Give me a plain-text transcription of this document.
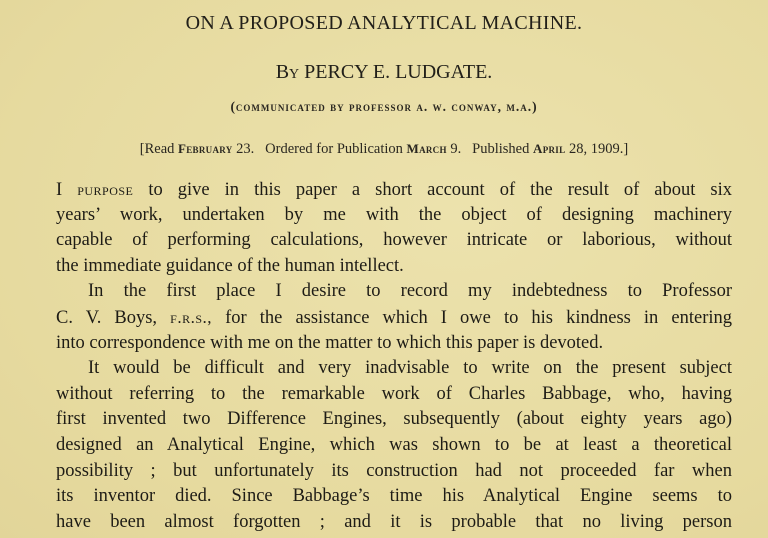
ON A PROPOSED ANALYTICAL MACHINE.
By PERCY E. LUDGATE.
(communicated by professor a. w. conway, m.a.)
[Read February 23. Ordered for Publication March 9. Published April 28, 1909.]
I purpose to give in this paper a short account of the result of about six
years’ work, undertaken by me with the object of designing machinery
capable of performing calculations, however intricate or laborious, without
the immediate guidance of the human intellect.
In the first place I desire to record my indebtedness to Professor
C. V. Boys, f.r.s., for the assistance which I owe to his kindness in entering
into correspondence with me on the matter to which this paper is devoted.
It would be difficult and very inadvisable to write on the present subject
without referring to the remarkable work of Charles Babbage, who, having
first invented two Difference Engines, subsequently (about eighty years ago)
designed an Analytical Engine, which was shown to be at least a theoretical
possibility ; but unfortunately its construction had not proceeded far when
its inventor died. Since Babbage’s time his Analytical Engine seems to
have been almost forgotten ; and it is probable that no living person
